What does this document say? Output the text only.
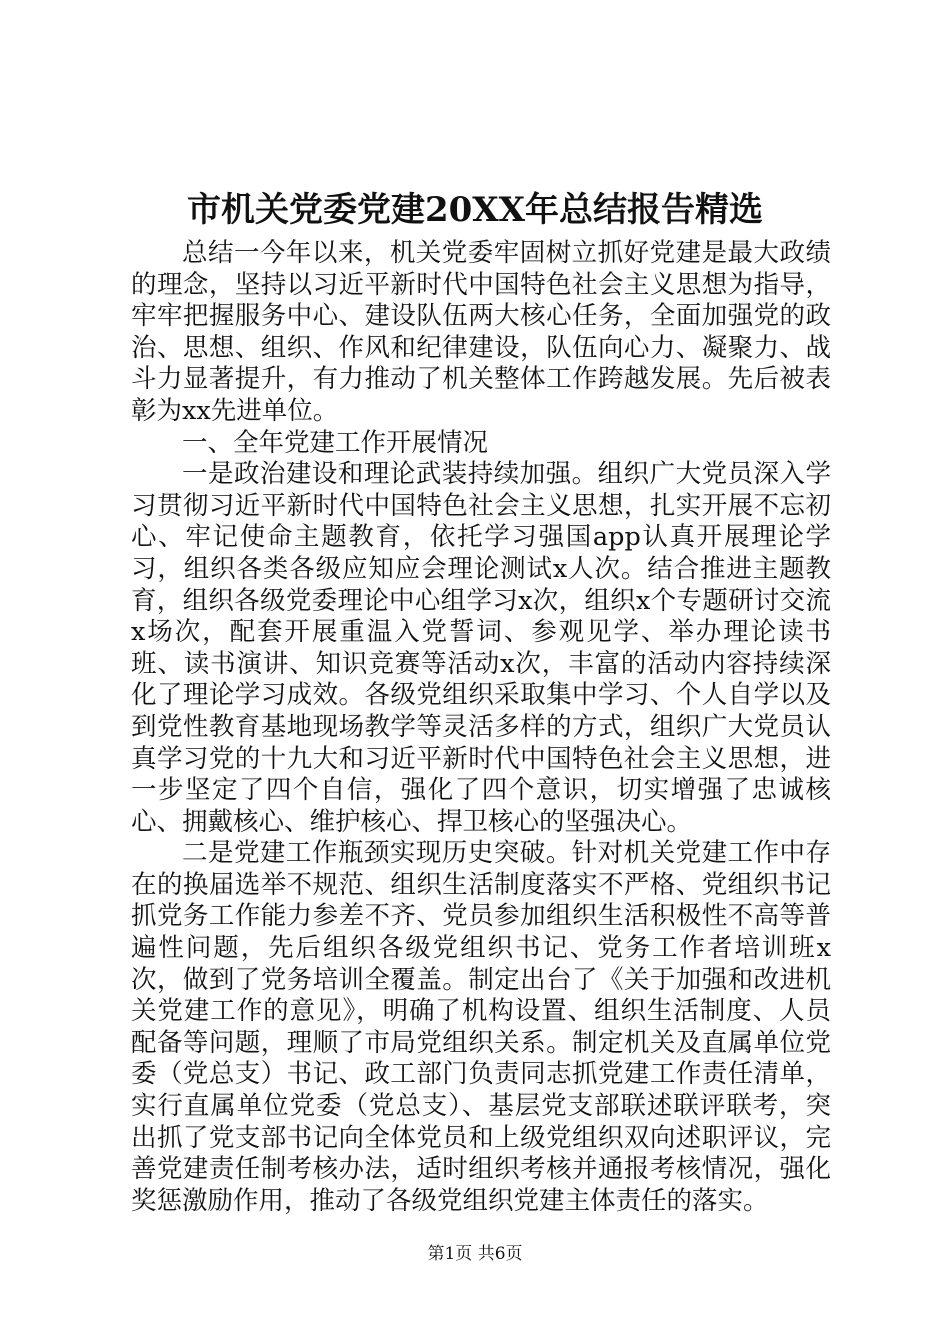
市机关党委党建20XX年总结报告精选

总结一今年以来，机关党委牢固树立抓好党建是最大政绩的理念，坚持以习近平新时代中国特色社会主义思想为指导，牢牢把握服务中心、建设队伍两大核心任务，全面加强党的政治、思想、组织、作风和纪律建设，队伍向心力、凝聚力、战斗力显著提升，有力推动了机关整体工作跨越发展。先后被表彰为xx先进单位。

一、全年党建工作开展情况

一是政治建设和理论武装持续加强。组织广大党员深入学习贯彻习近平新时代中国特色社会主义思想，扎实开展不忘初心、牢记使命主题教育，依托学习强国app认真开展理论学习，组织各类各级应知应会理论测试x人次。结合推进主题教育，组织各级党委理论中心组学习x次，组织x个专题研讨交流x场次，配套开展重温入党誓词、参观见学、举办理论读书班、读书演讲、知识竞赛等活动x次，丰富的活动内容持续深化了理论学习成效。各级党组织采取集中学习、个人自学以及到党性教育基地现场教学等灵活多样的方式，组织广大党员认真学习党的十九大和习近平新时代中国特色社会主义思想，进一步坚定了四个自信，强化了四个意识，切实增强了忠诚核心、拥戴核心、维护核心、捍卫核心的坚强决心。

二是党建工作瓶颈实现历史突破。针对机关党建工作中存在的换届选举不规范、组织生活制度落实不严格、党组织书记抓党务工作能力参差不齐、党员参加组织生活积极性不高等普遍性问题，先后组织各级党组织书记、党务工作者培训班x次，做到了党务培训全覆盖。制定出台了《关于加强和改进机关党建工作的意见》，明确了机构设置、组织生活制度、人员配备等问题，理顺了市局党组织关系。制定机关及直属单位党委（党总支）书记、政工部门负责同志抓党建工作责任清单，实行直属单位党委（党总支）、基层党支部联述联评联考，突出抓了党支部书记向全体党员和上级党组织双向述职评议，完善党建责任制考核办法，适时组织考核并通报考核情况，强化奖惩激励作用，推动了各级党组织党建主体责任的落实。

第1页 共6页
